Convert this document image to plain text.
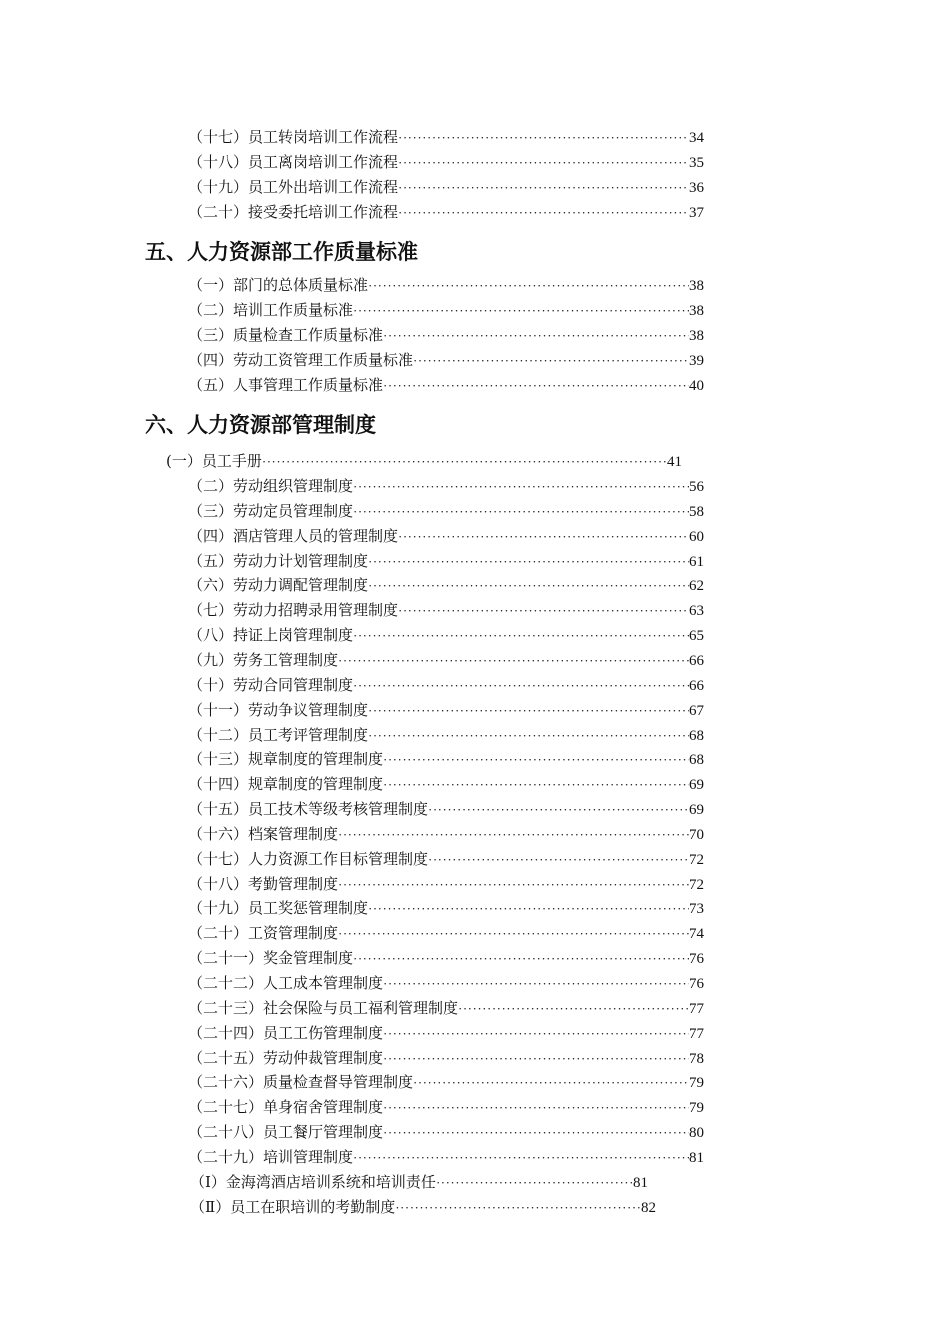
五、人力资源部工作质量标准
六、人力资源部管理制度
（十七）员工转岗培训工作流程 ·····	34
（十八）员工离岗培训工作流程 ·····	35
（十九）员工外出培训工作流程 ·····	36
（二十）接受委托培训工作流程 ·····	37
（一）部门的总体质量标准 ·····	38
（二）培训工作质量标准 ·····	38
（三）质量检查工作质量标准 ·····	38
（四）劳动工资管理工作质量标准 ·····	39
（五）人事管理工作质量标准 ·····	40
(一）员工手册 ·····	41
（二）劳动组织管理制度 ·····	56
（三）劳动定员管理制度 ·····	58
（四）酒店管理人员的管理制度 ·····	60
（五）劳动力计划管理制度 ·····	61
（六）劳动力调配管理制度 ·····	62
（七）劳动力招聘录用管理制度 ·····	63
（八）持证上岗管理制度 ·····	65
（九）劳务工管理制度 ·····	66
（十）劳动合同管理制度 ·····	66
（十一）劳动争议管理制度 ·····	67
（十二）员工考评管理制度 ·····	68
（十三）规章制度的管理制度 ·····	68
（十四）规章制度的管理制度 ·····	69
（十五）员工技术等级考核管理制度 ·····	69
（十六）档案管理制度 ·····	70
（十七）人力资源工作目标管理制度 ·····	72
（十八）考勤管理制度 ·····	72
（十九）员工奖惩管理制度 ·····	73
（二十）工资管理制度 ·····	74
（二十一）奖金管理制度 ·····	76
（二十二）人工成本管理制度 ·····	76
（二十三）社会保险与员工福利管理制度 ·····	77
（二十四）员工工伤管理制度 ·····	77
（二十五）劳动仲裁管理制度 ·····	78
（二十六）质量检查督导管理制度 ·····	79
（二十七）单身宿舍管理制度 ·····	79
（二十八）员工餐厅管理制度 ·····	80
（二十九）培训管理制度 ·····	81
（Ⅰ）金海湾酒店培训系统和培训责任 ·····	81
（Ⅱ）员工在职培训的考勤制度 ·····	82
